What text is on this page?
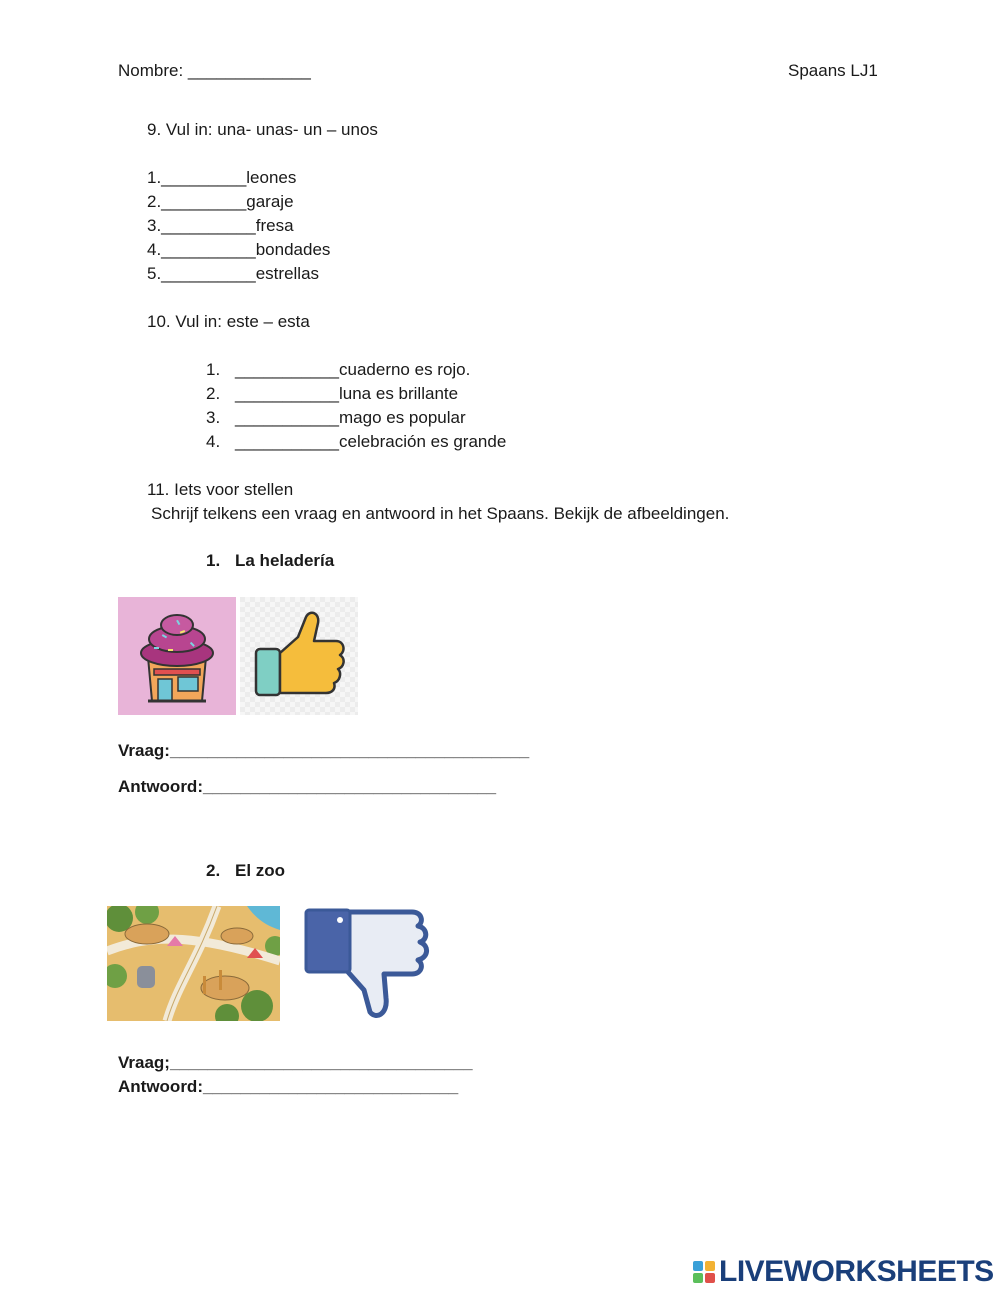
Nombre: _____________	Spaans LJ1
9. Vul in: una- unas- un – unos
1._________leones
2._________garaje
3.__________fresa
4.__________bondades
5.__________estrellas
10. Vul in: este – esta
1. ___________cuaderno es rojo.
2. ___________luna es brillante
3. ___________mago es popular
4. ___________celebración es grande
11. Iets voor stellen
Schrijf telkens een vraag en antwoord in het Spaans. Bekijk de afbeeldingen.
1. La heladería
Vraag:______________________________________
Antwoord:_______________________________
2. El zoo
Vraag;________________________________
Antwoord:___________________________
LIVEWORKSHEETS
